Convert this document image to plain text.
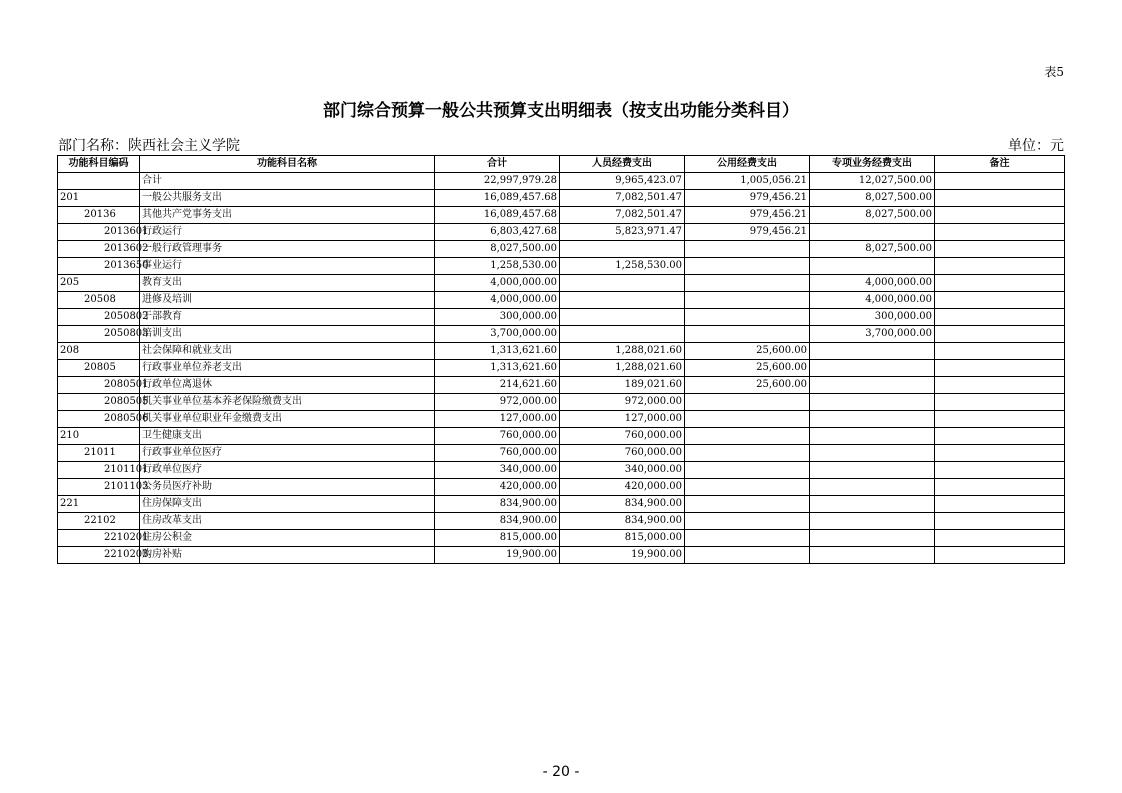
表5
部门综合预算一般公共预算支出明细表（按支出功能分类科目）
部门名称：陕西社会主义学院	单位：元
功能科目编码	功能科目名称	合计	人员经费支出	公用经费支出	专项业务经费支出	备注
	合计	22,997,979.28	9,965,423.07	1,005,056.21	12,027,500.00	
201	一般公共服务支出	16,089,457.68	7,082,501.47	979,456.21	8,027,500.00	
20136	其他共产党事务支出	16,089,457.68	7,082,501.47	979,456.21	8,027,500.00	
2013601	行政运行	6,803,427.68	5,823,971.47	979,456.21		
2013602	一般行政管理事务	8,027,500.00			8,027,500.00	
2013650	事业运行	1,258,530.00	1,258,530.00			
205	教育支出	4,000,000.00			4,000,000.00	
20508	进修及培训	4,000,000.00			4,000,000.00	
2050802	干部教育	300,000.00			300,000.00	
2050803	培训支出	3,700,000.00			3,700,000.00	
208	社会保障和就业支出	1,313,621.60	1,288,021.60	25,600.00		
20805	行政事业单位养老支出	1,313,621.60	1,288,021.60	25,600.00		
2080501	行政单位离退休	214,621.60	189,021.60	25,600.00		
2080505	机关事业单位基本养老保险缴费支出	972,000.00	972,000.00			
2080506	机关事业单位职业年金缴费支出	127,000.00	127,000.00			
210	卫生健康支出	760,000.00	760,000.00			
21011	行政事业单位医疗	760,000.00	760,000.00			
2101101	行政单位医疗	340,000.00	340,000.00			
2101103	公务员医疗补助	420,000.00	420,000.00			
221	住房保障支出	834,900.00	834,900.00			
22102	住房改革支出	834,900.00	834,900.00			
2210201	住房公积金	815,000.00	815,000.00			
2210203	购房补贴	19,900.00	19,900.00			
- 20 -
